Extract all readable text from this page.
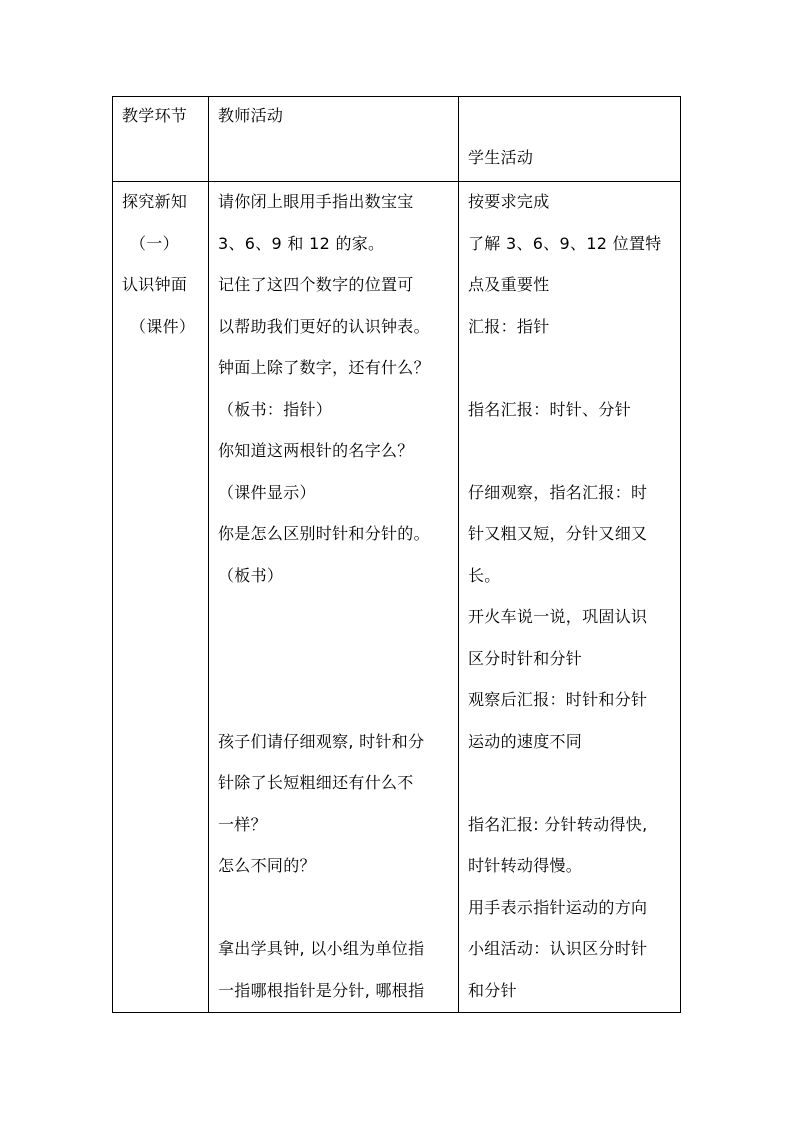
教学环节 教师活动
学生活动
探究新知
（一）
认识钟面
（课件）
请你闭上眼用手指出数宝宝
3、6、9 和 12 的家。
记住了这四个数字的位置可
以帮助我们更好的认识钟表。
钟面上除了数字，还有什么？
（板书：指针）
你知道这两根针的名字么？
（课件显示）
你是怎么区别时针和分针的。
（板书）
孩子们请仔细观察, 时针和分
针除了长短粗细还有什么不
一样？
怎么不同的？
拿出学具钟, 以小组为单位指
一指哪根指针是分针, 哪根指
按要求完成
了解 3、6、9、12 位置特
点及重要性
汇报：指针
指名汇报：时针、分针
仔细观察，指名汇报：时
针又粗又短，分针又细又
长。
开火车说一说，巩固认识
区分时针和分针
观察后汇报：时针和分针
运动的速度不同
指名汇报: 分针转动得快,
时针转动得慢。
用手表示指针运动的方向
小组活动：认识区分时针
和分针
